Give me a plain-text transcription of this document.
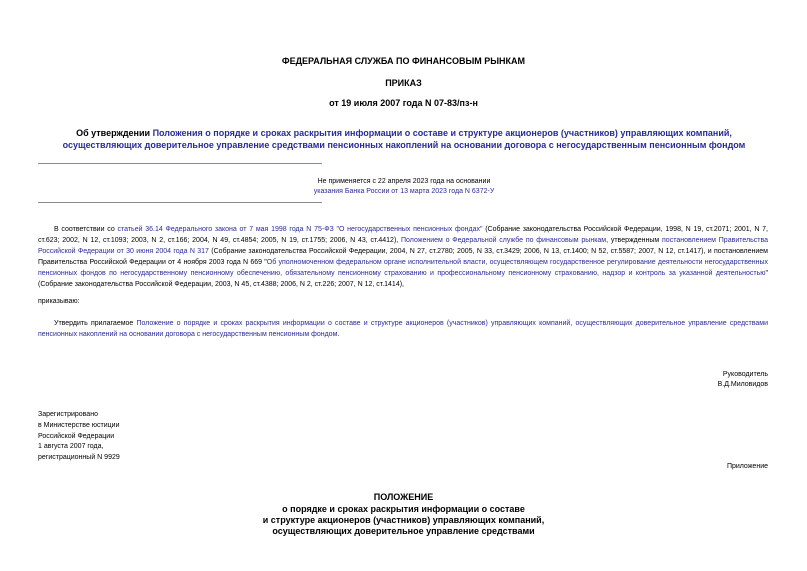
ФЕДЕРАЛЬНАЯ СЛУЖБА ПО ФИНАНСОВЫМ РЫНКАМ
ПРИКАЗ
от 19 июля 2007 года N 07-83/пз-н
Об утверждении Положения о порядке и сроках раскрытия информации о составе и структуре акционеров (участников) управляющих компаний, осуществляющих доверительное управление средствами пенсионных накоплений на основании договора с негосударственным пенсионным фондом
Не применяется с 22 апреля 2023 года на основании
указания Банка России от 13 марта 2023 года N 6372-У
В соответствии со статьей 36.14 Федерального закона от 7 мая 1998 года N 75-ФЗ "О негосударственных пенсионных фондах" (Собрание законодательства Российской Федерации, 1998, N 19, ст.2071; 2001, N 7, ст.623; 2002, N 12, ст.1093; 2003, N 2, ст.166; 2004, N 49, ст.4854; 2005, N 19, ст.1755; 2006, N 43, ст.4412), Положением о Федеральной службе по финансовым рынкам, утвержденным постановлением Правительства Российской Федерации от 30 июня 2004 года N 317 (Собрание законодательства Российской Федерации, 2004, N 27, ст.2780; 2005, N 33, ст.3429; 2006, N 13, ст.1400; N 52, ст.5587; 2007, N 12, ст.1417), и постановлением Правительства Российской Федерации от 4 ноября 2003 года N 669 "Об уполномоченном федеральном органе исполнительной власти, осуществляющем государственное регулирование деятельности негосударственных пенсионных фондов по негосударственному пенсионному обеспечению, обязательному пенсионному страхованию и профессиональному пенсионному страхованию, надзор и контроль за указанной деятельностью" (Собрание законодательства Российской Федерации, 2003, N 45, ст.4388; 2006, N 2, ст.226; 2007, N 12, ст.1414),
приказываю:
Утвердить прилагаемое Положение о порядке и сроках раскрытия информации о составе и структуре акционеров (участников) управляющих компаний, осуществляющих доверительное управление средствами пенсионных накоплений на основании договора с негосударственным пенсионным фондом.
Руководитель
В.Д.Миловидов
Зарегистрировано
в Министерстве юстиции
Российской Федерации
1 августа 2007 года,
регистрационный N 9929
Приложение
ПОЛОЖЕНИЕ
о порядке и сроках раскрытия информации о составе
и структуре акционеров (участников) управляющих компаний,
осуществляющих доверительное управление средствами
